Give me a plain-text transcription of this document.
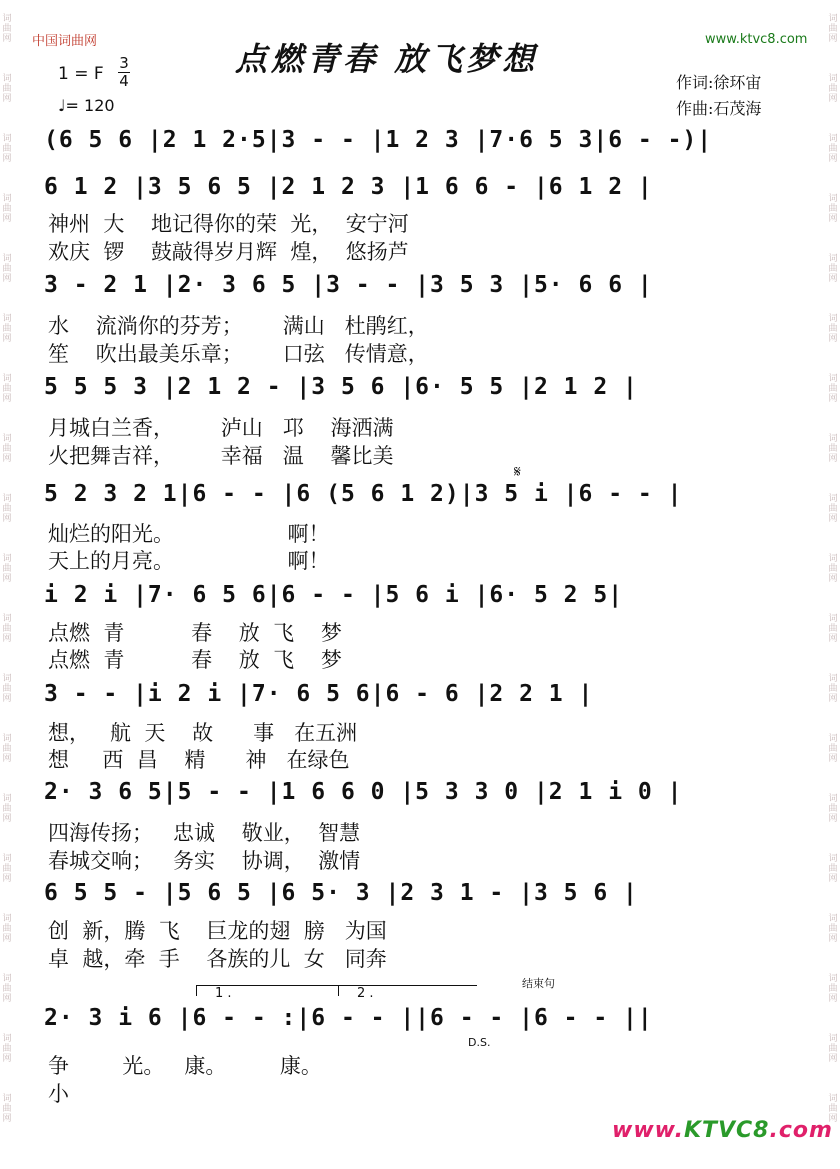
词曲网
词曲网
词曲网
词曲网
词曲网
词曲网
词曲网
词曲网
词曲网
词曲网
词曲网
词曲网
词曲网
词曲网
词曲网
词曲网
词曲网
词曲网
词曲网
词曲网
词曲网
词曲网
词曲网
词曲网
词曲网
词曲网
词曲网
词曲网
词曲网
词曲网
词曲网
词曲网
词曲网
词曲网
词曲网
词曲网
词曲网
词曲网
中国词曲网	www.ktvc8.com
点燃青春 放飞梦想
1 = F
3
4
♩= 120
作词:徐环宙
作曲:石茂海
(6 5 6 |2 1 2·5|3 - - |1 2 3 |7·6 5 3|6 - -)|
6 1 2 |3 5 6 5 |2 1 2 3 |1 6 6 - |6 1 2 |
神州  大    地记得你的荣  光，  安宁河
欢庆  锣    鼓敲得岁月辉  煌，  悠扬芦
3 - 2 1 |2· 3 6 5 |3 - - |3 5 3 |5· 6 6 |
水    流淌你的芬芳；      满山   杜鹃红，
笙    吹出最美乐章；      口弦   传情意，
5 5 5 3 |2 1 2 - |3 5 6 |6· 5 5 |2 1 2 |
月城白兰香，       泸山   邛    海洒满
火把舞吉祥，       幸福   温    馨比美
𝄋
5 2 3 2 1|6 - - |6 (5 6 1 2)|3 5 i |6 - - |
灿烂的阳光。                 啊！
天上的月亮。                 啊！
i 2 i |7· 6 5 6|6 - - |5 6 i |6· 5 2 5|
点燃  青          春    放  飞    梦
点燃  青          春    放  飞    梦
3 - - |i 2 i |7· 6 5 6|6 - 6 |2 2 1 |
想，   航  天    故      事   在五洲
想     西  昌    精      神   在绿色
2· 3 6 5|5 - - |1 6 6 0 |5 3 3 0 |2 1 i 0 |
四海传扬；   忠诚    敬业，  智慧
春城交响；   务实    协调，  激情
6 5 5 - |5 6 5 |6 5· 3 |2 3 1 - |3 5 6 |
创  新，腾  飞    巨龙的翅  膀   为国
卓  越，牵  手    各族的儿  女   同奔
1 .	2 .
结束句
2· 3 i 6 |6 - - :|6 - - ||6 - - |6 - - ||
D.S.
争        光。   康。        康。
小
www.KTVC8.com
